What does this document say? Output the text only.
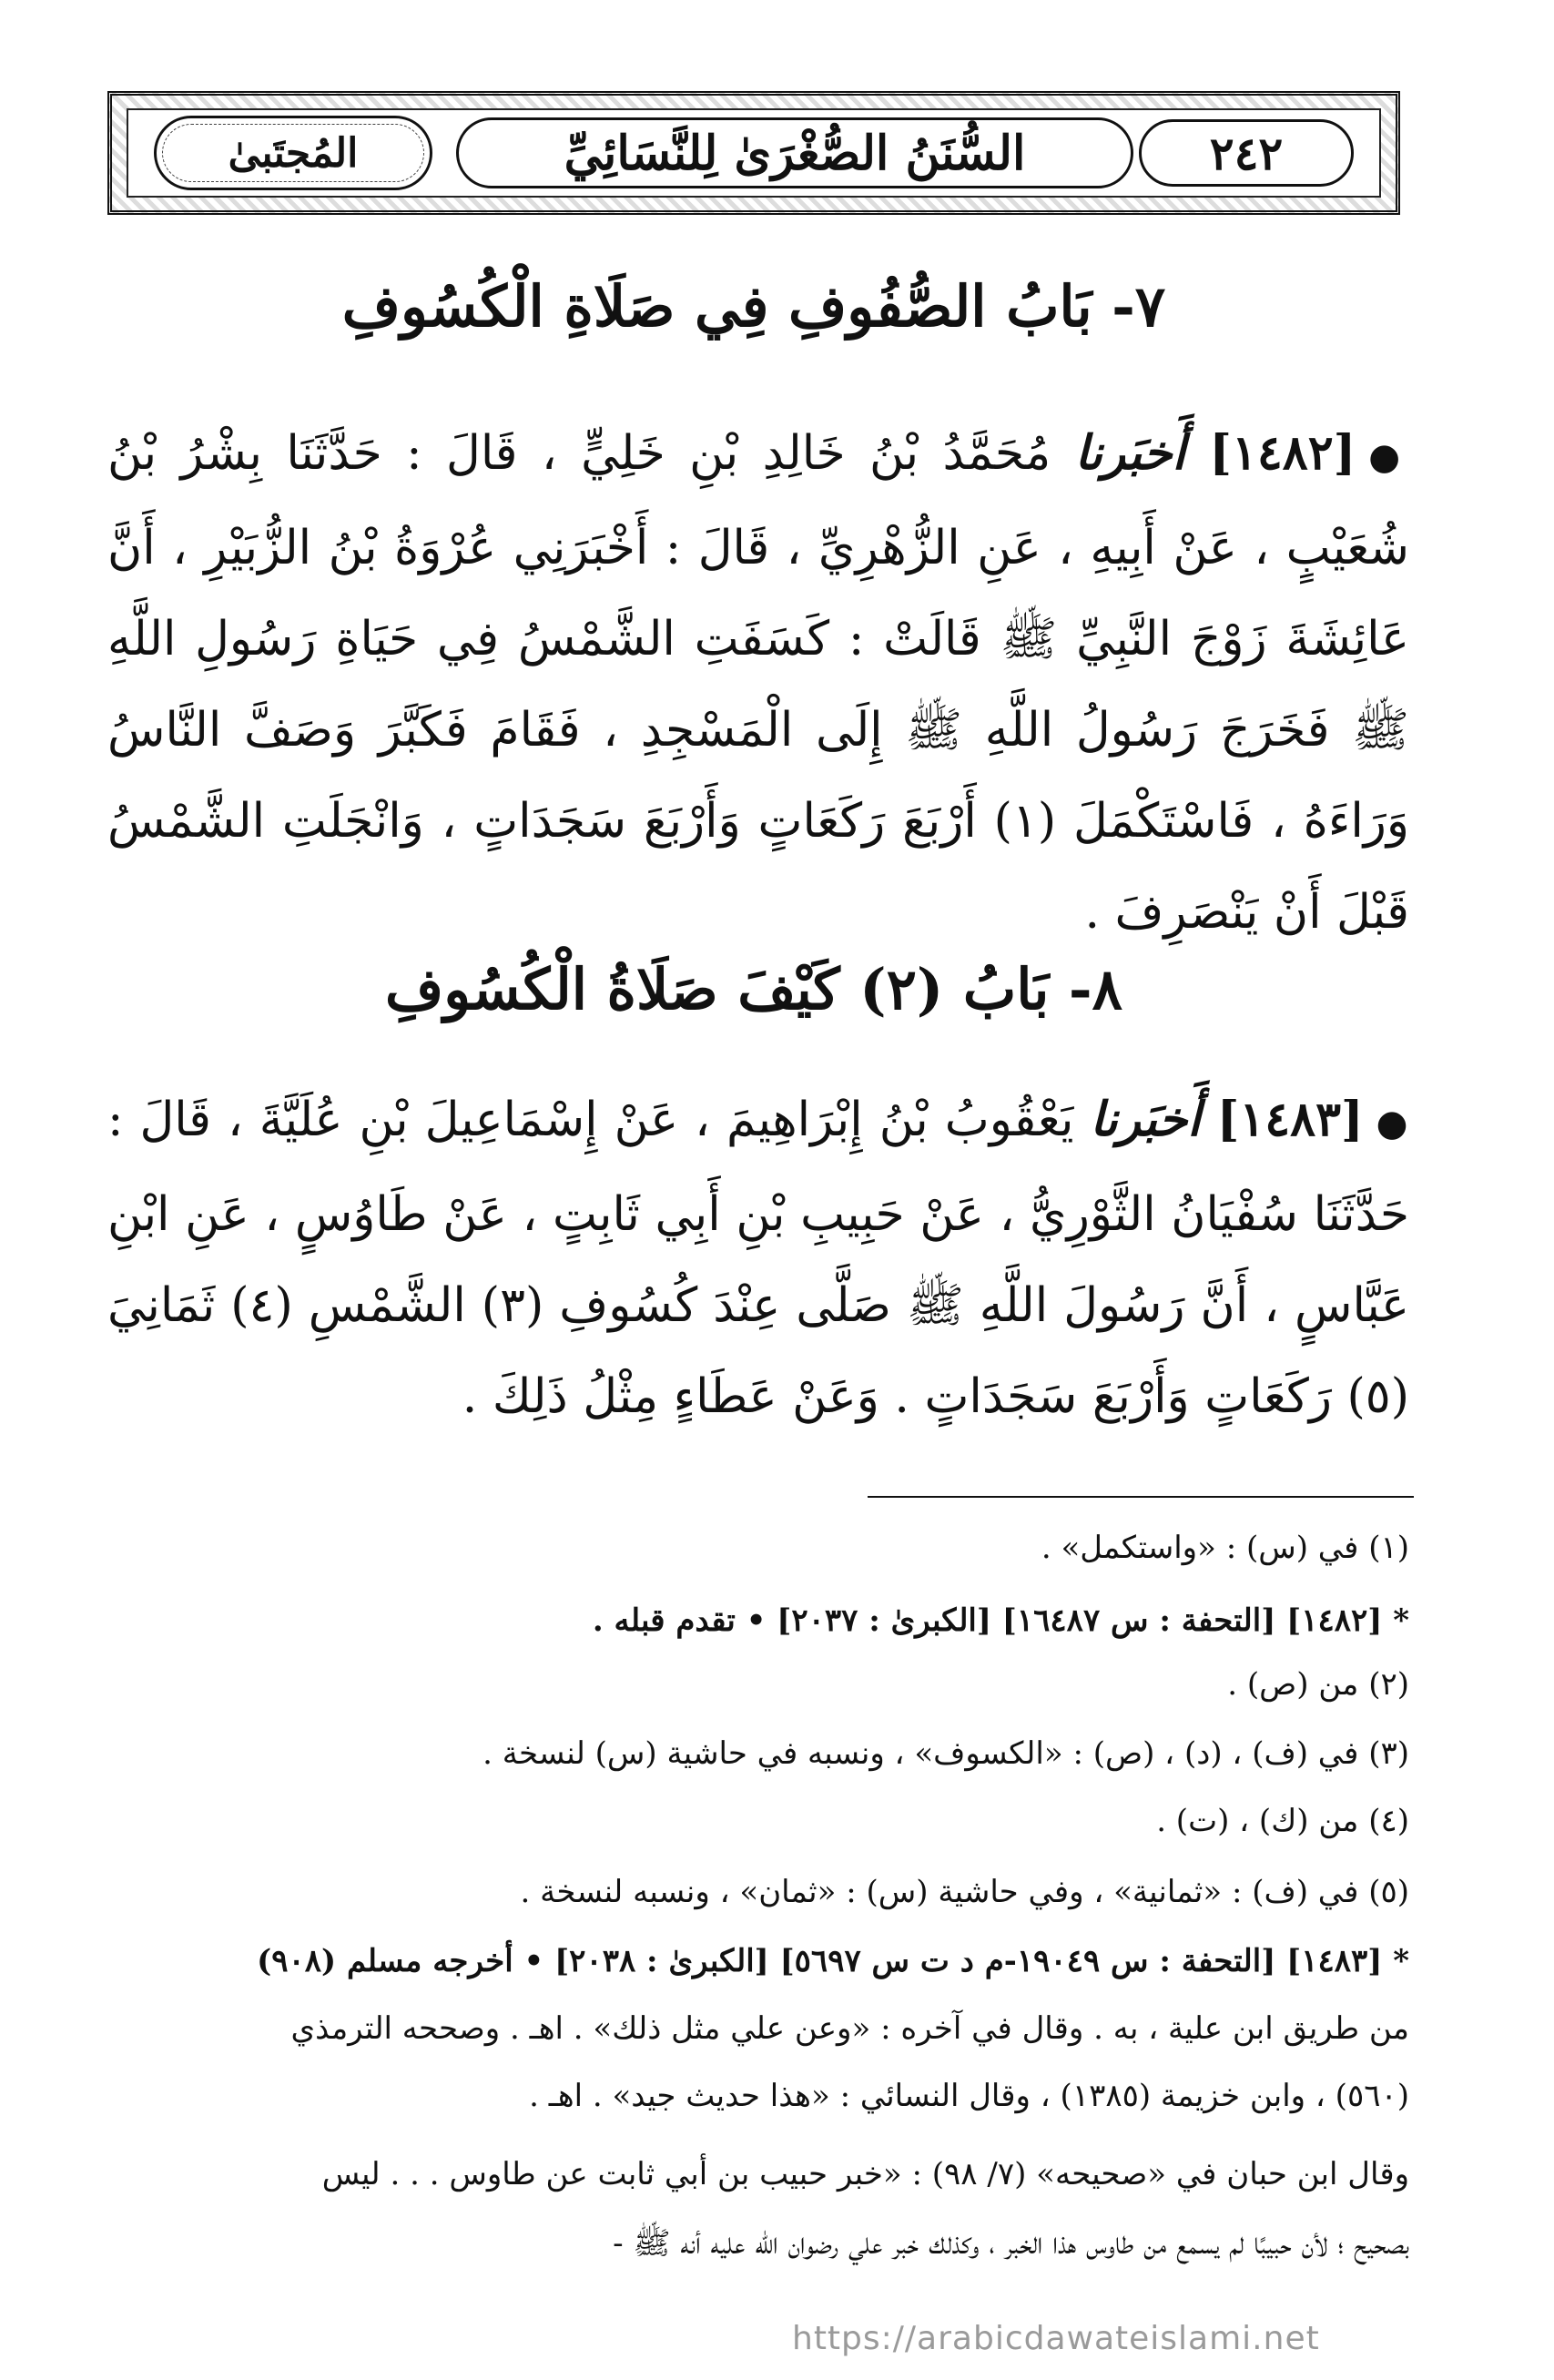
٢٤٢
السُّنَنُ الصُّغْرَىٰ لِلنَّسَائِيِّ
المُجتَبىٰ
٧- بَابُ الصُّفُوفِ فِي صَلَاةِ الْكُسُوفِ
●[١٤٨٢] أَخبَرنا مُحَمَّدُ بْنُ خَالِدِ بْنِ خَلِيٍّ ، قَالَ : حَدَّثَنَا بِشْرُ بْنُ شُعَيْبٍ ، عَنْ أَبِيهِ ، عَنِ الزُّهْرِيِّ ، قَالَ : أَخْبَرَنِي عُرْوَةُ بْنُ الزُّبَيْرِ ، أَنَّ عَائِشَةَ زَوْجَ النَّبِيِّ ﷺ قَالَتْ : كَسَفَتِ الشَّمْسُ فِي حَيَاةِ رَسُولِ اللَّهِ ﷺ فَخَرَجَ رَسُولُ اللَّهِ ﷺ إِلَى الْمَسْجِدِ ، فَقَامَ فَكَبَّرَ وَصَفَّ النَّاسُ وَرَاءَهُ ، فَاسْتَكْمَلَ (١) أَرْبَعَ رَكَعَاتٍ وَأَرْبَعَ سَجَدَاتٍ ، وَانْجَلَتِ الشَّمْسُ قَبْلَ أَنْ يَنْصَرِفَ .
٨- بَابُ (٢) كَيْفَ صَلَاةُ الْكُسُوفِ
●[١٤٨٣] أَخبَرنا يَعْقُوبُ بْنُ إِبْرَاهِيمَ ، عَنْ إِسْمَاعِيلَ بْنِ عُلَيَّةَ ، قَالَ : حَدَّثَنَا سُفْيَانُ الثَّوْرِيُّ ، عَنْ حَبِيبِ بْنِ أَبِي ثَابِتٍ ، عَنْ طَاوُسٍ ، عَنِ ابْنِ عَبَّاسٍ ، أَنَّ رَسُولَ اللَّهِ ﷺ صَلَّى عِنْدَ كُسُوفِ (٣) الشَّمْسِ (٤) ثَمَانِيَ (٥) رَكَعَاتٍ وَأَرْبَعَ سَجَدَاتٍ . وَعَنْ عَطَاءٍ مِثْلُ ذَلِكَ .
(١) في (س) : «واستكمل» .
* [١٤٨٢] [التحفة : س ١٦٤٨٧] [الكبرىٰ : ٢٠٣٧] • تقدم قبله .
(٢) من (ص) .
(٣) في (ف) ، (د) ، (ص) : «الكسوف» ، ونسبه في حاشية (س) لنسخة .
(٤) من (ك) ، (ت) .
(٥) في (ف) : «ثمانية» ، وفي حاشية (س) : «ثمان» ، ونسبه لنسخة .
* [١٤٨٣] [التحفة : س ١٩٠٤٩-م د ت س ٥٦٩٧] [الكبرىٰ : ٢٠٣٨] • أخرجه مسلم (٩٠٨)
من طريق ابن علية ، به . وقال في آخره : «وعن علي مثل ذلك» . اهـ . وصححه الترمذي
(٥٦٠) ، وابن خزيمة (١٣٨٥) ، وقال النسائي : «هذا حديث جيد» . اهـ .
وقال ابن حبان في «صحيحه» (٧/ ٩٨) : «خبر حبيب بن أبي ثابت عن طاوس . . . ليس
بصحيح ؛ لأن حبيبًا لم يسمع من طاوس هذا الخبر ، وكذلك خبر علي رضوان الله عليه أنه ﷺ -
https://arabicdawateislami.net
